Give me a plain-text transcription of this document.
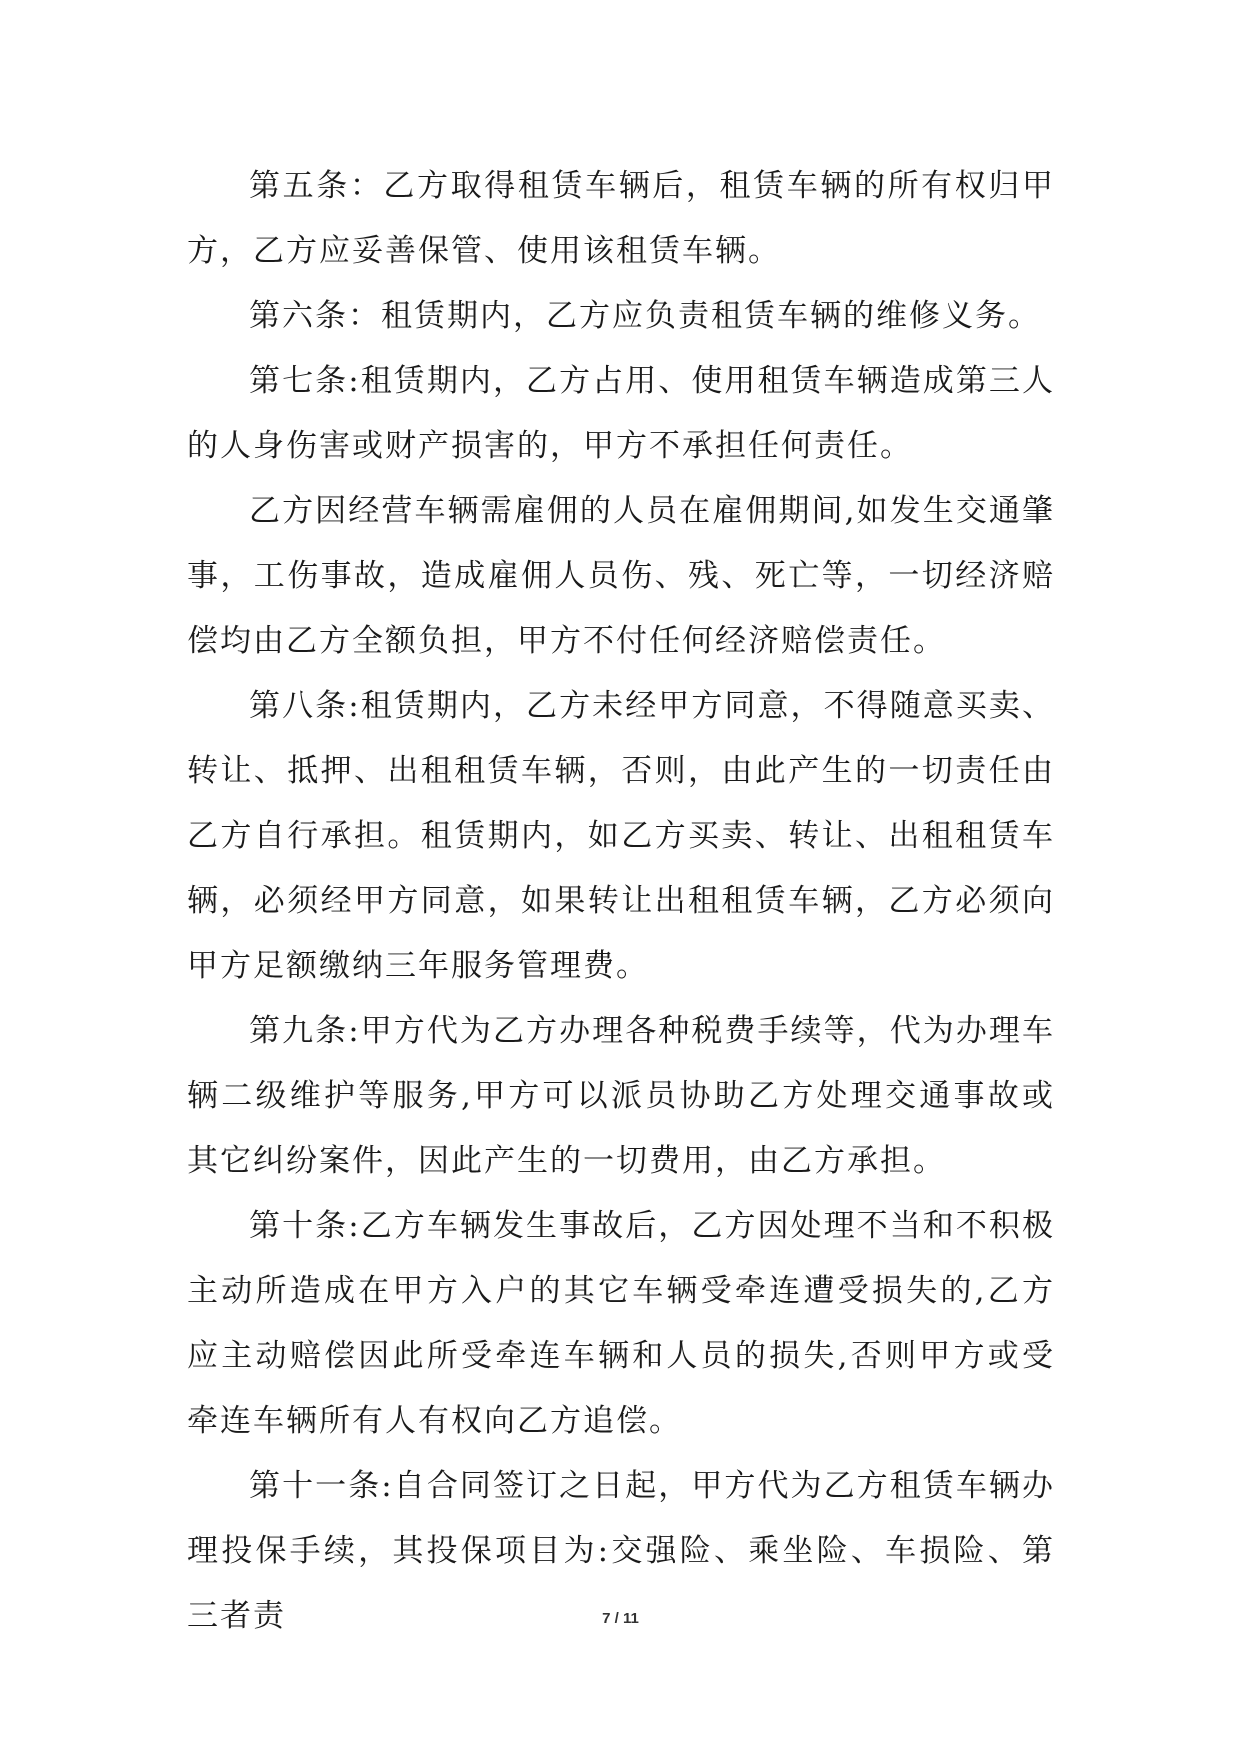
第五条：乙方取得租赁车辆后，租赁车辆的所有权归甲方，乙方应妥善保管、使用该租赁车辆。

第六条：租赁期内，乙方应负责租赁车辆的维修义务。

第七条:租赁期内，乙方占用、使用租赁车辆造成第三人的人身伤害或财产损害的，甲方不承担任何责任。

乙方因经营车辆需雇佣的人员在雇佣期间,如发生交通肇事，工伤事故，造成雇佣人员伤、残、死亡等，一切经济赔偿均由乙方全额负担，甲方不付任何经济赔偿责任。

第八条:租赁期内，乙方未经甲方同意，不得随意买卖、转让、抵押、出租租赁车辆，否则，由此产生的一切责任由乙方自行承担。租赁期内，如乙方买卖、转让、出租租赁车辆，必须经甲方同意，如果转让出租租赁车辆，乙方必须向甲方足额缴纳三年服务管理费。

第九条:甲方代为乙方办理各种税费手续等，代为办理车辆二级维护等服务,甲方可以派员协助乙方处理交通事故或其它纠纷案件，因此产生的一切费用，由乙方承担。

第十条:乙方车辆发生事故后，乙方因处理不当和不积极主动所造成在甲方入户的其它车辆受牵连遭受损失的,乙方应主动赔偿因此所受牵连车辆和人员的损失,否则甲方或受牵连车辆所有人有权向乙方追偿。

第十一条:自合同签订之日起，甲方代为乙方租赁车辆办理投保手续，其投保项目为:交强险、乘坐险、车损险、第三者责	7 / 11
